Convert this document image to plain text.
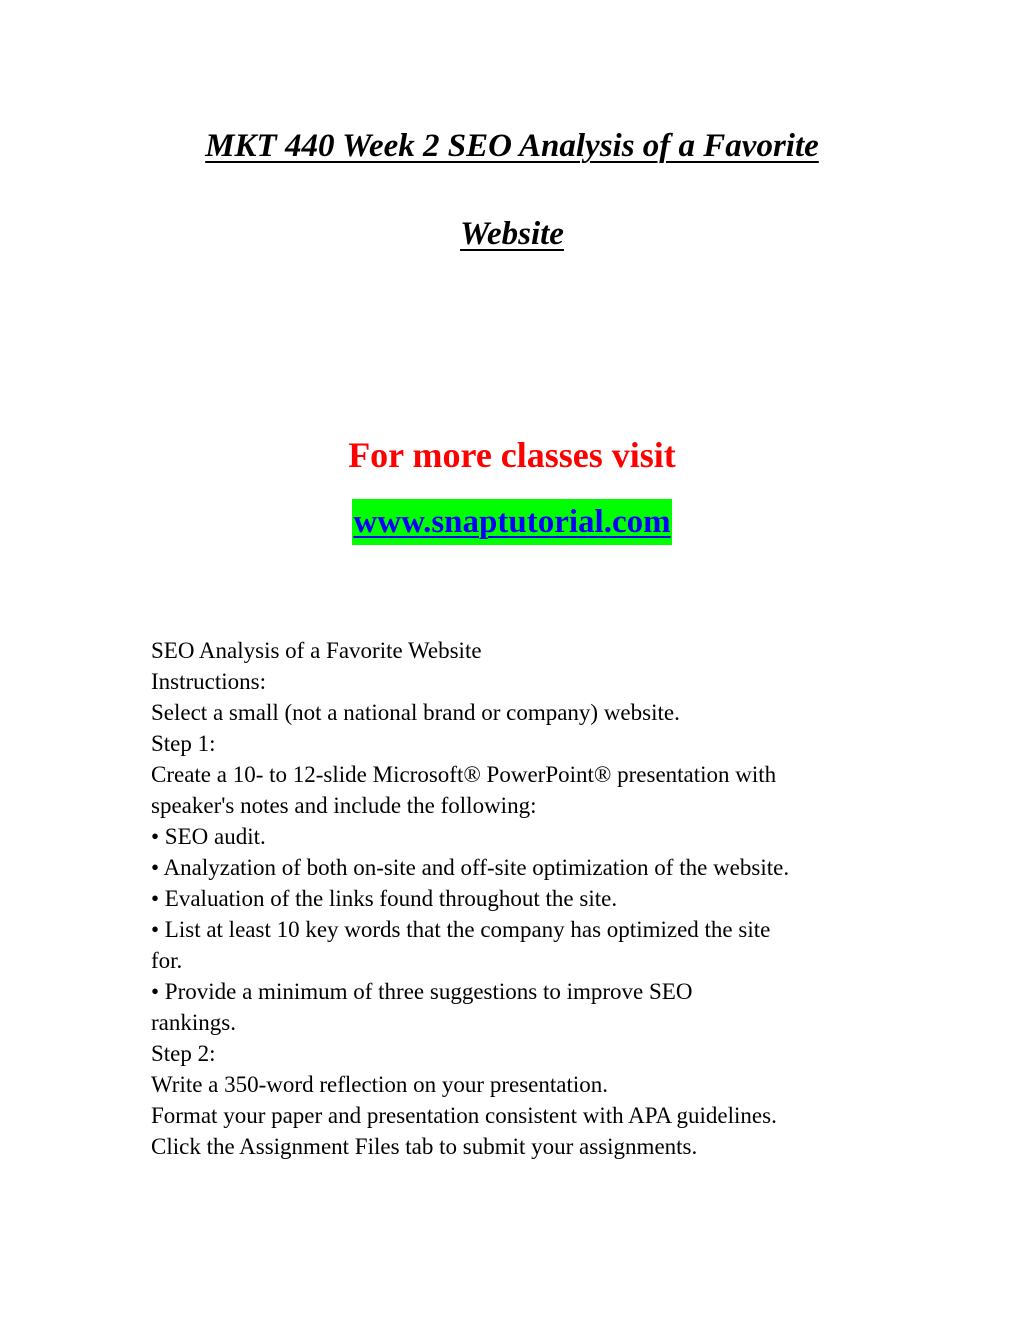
MKT 440 Week 2 SEO Analysis of a Favorite
Website
For more classes visit
www.snaptutorial.com
SEO Analysis of a Favorite Website
Instructions:
Select a small (not a national brand or company) website.
Step 1:
Create a 10- to 12-slide Microsoft® PowerPoint® presentation with
speaker's notes and include the following:
• SEO audit.
• Analyzation of both on-site and off-site optimization of the website.
• Evaluation of the links found throughout the site.
• List at least 10 key words that the company has optimized the site
for.
• Provide a minimum of three suggestions to improve SEO
rankings.
Step 2:
Write a 350-word reflection on your presentation.
Format your paper and presentation consistent with APA guidelines.
Click the Assignment Files tab to submit your assignments.
